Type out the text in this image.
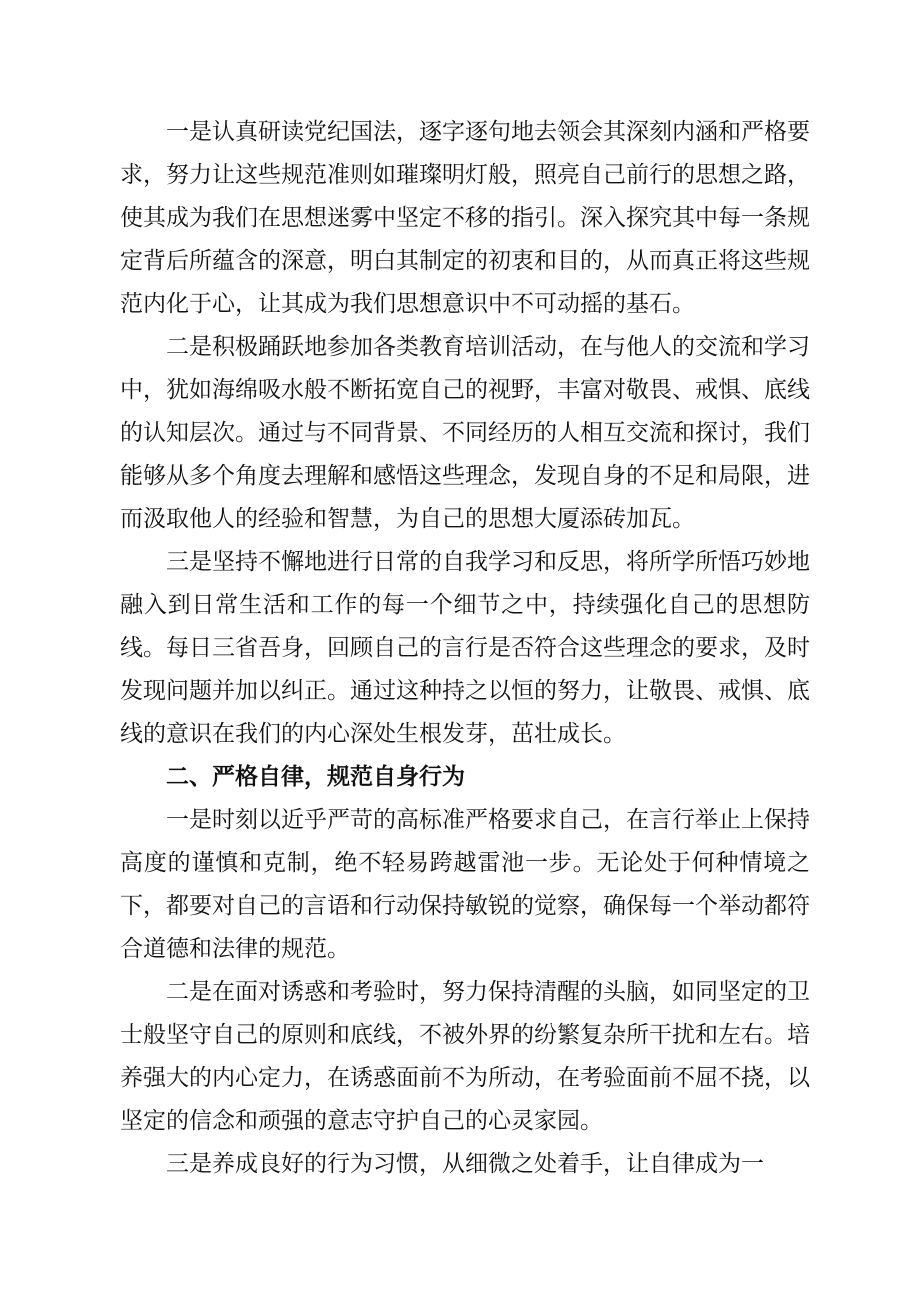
一是认真研读党纪国法，逐字逐句地去领会其深刻内涵和严格要求，努力让这些规范准则如璀璨明灯般，照亮自己前行的思想之路，使其成为我们在思想迷雾中坚定不移的指引。深入探究其中每一条规定背后所蕴含的深意，明白其制定的初衷和目的，从而真正将这些规范内化于心，让其成为我们思想意识中不可动摇的基石。

二是积极踊跃地参加各类教育培训活动，在与他人的交流和学习中，犹如海绵吸水般不断拓宽自己的视野，丰富对敬畏、戒惧、底线的认知层次。通过与不同背景、不同经历的人相互交流和探讨，我们能够从多个角度去理解和感悟这些理念，发现自身的不足和局限，进而汲取他人的经验和智慧，为自己的思想大厦添砖加瓦。

三是坚持不懈地进行日常的自我学习和反思，将所学所悟巧妙地融入到日常生活和工作的每一个细节之中，持续强化自己的思想防线。每日三省吾身，回顾自己的言行是否符合这些理念的要求，及时发现问题并加以纠正。通过这种持之以恒的努力，让敬畏、戒惧、底线的意识在我们的内心深处生根发芽，茁壮成长。

二、严格自律，规范自身行为

一是时刻以近乎严苛的高标准严格要求自己，在言行举止上保持高度的谨慎和克制，绝不轻易跨越雷池一步。无论处于何种情境之下，都要对自己的言语和行动保持敏锐的觉察，确保每一个举动都符合道德和法律的规范。

二是在面对诱惑和考验时，努力保持清醒的头脑，如同坚定的卫士般坚守自己的原则和底线，不被外界的纷繁复杂所干扰和左右。培养强大的内心定力，在诱惑面前不为所动，在考验面前不屈不挠，以坚定的信念和顽强的意志守护自己的心灵家园。

三是养成良好的行为习惯，从细微之处着手，让自律成为一
